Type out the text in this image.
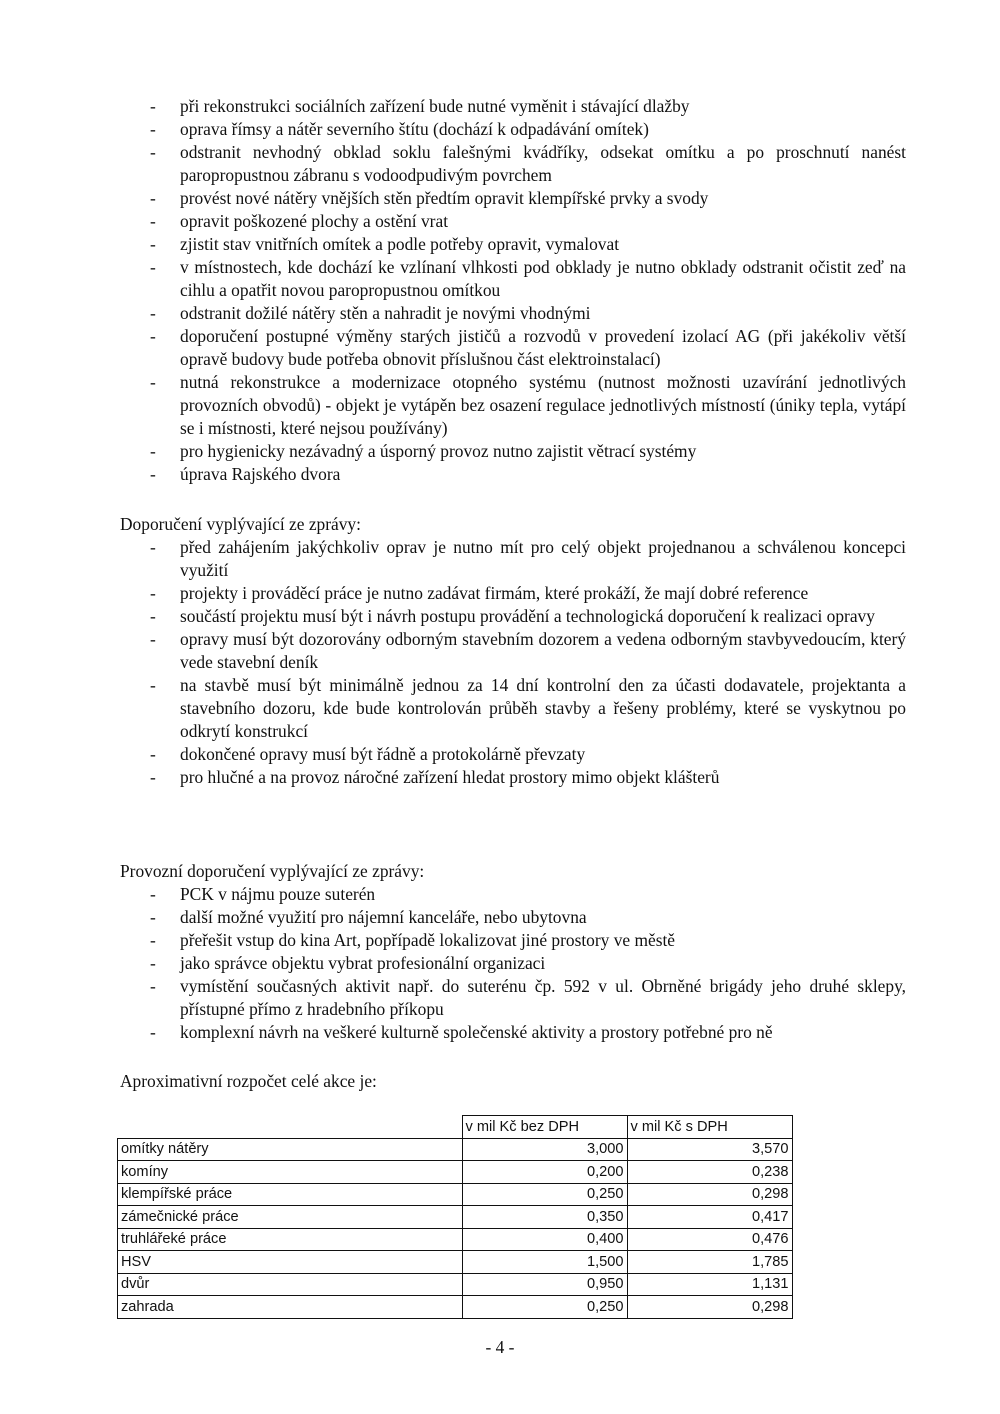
- při rekonstrukci sociálních zařízení bude nutné vyměnit i stávající dlažby
- oprava římsy a nátěr severního štítu (dochází k odpadávání omítek)
- odstranit nevhodný obklad soklu falešnými kvádříky, odsekat omítku a po proschnutí nanést paropropustnou zábranu s vodoodpudivým povrchem
- provést nové nátěry vnějších stěn předtím opravit klempířské prvky a svody
- opravit poškozené plochy a ostění vrat
- zjistit stav vnitřních omítek a podle potřeby opravit, vymalovat
- v místnostech, kde dochází ke vzlínaní vlhkosti pod obklady je nutno obklady odstranit očistit zeď na cihlu a opatřit novou paropropustnou omítkou
- odstranit dožilé nátěry stěn a nahradit je novými vhodnými
- doporučení postupné výměny starých jističů a rozvodů v provedení izolací AG (při jakékoliv větší opravě budovy bude potřeba obnovit příslušnou část elektroinstalací)
- nutná rekonstrukce a modernizace otopného systému (nutnost možnosti uzavírání jednotlivých provozních obvodů) - objekt je vytápěn bez osazení regulace jednotlivých místností (úniky tepla, vytápí se i místnosti, které nejsou používány)
- pro hygienicky nezávadný a úsporný provoz nutno zajistit větrací systémy
- úprava Rajského dvora
Doporučení vyplývající ze zprávy:
- před zahájením jakýchkoliv oprav je nutno mít pro celý objekt projednanou a schválenou koncepci využití
- projekty i prováděcí práce je nutno zadávat firmám, které prokáží, že mají dobré reference
- součástí projektu musí být i návrh postupu provádění a technologická doporučení k realizaci opravy
- opravy musí být dozorovány odborným stavebním dozorem a vedena odborným stavbyvedoucím, který vede stavební deník
- na stavbě musí být minimálně jednou za 14 dní kontrolní den za účasti dodavatele, projektanta a stavebního dozoru, kde bude kontrolován průběh stavby a řešeny problémy, které se vyskytnou po odkrytí konstrukcí
- dokončené opravy musí být řádně a protokolárně převzaty
- pro hlučné a na provoz náročné zařízení hledat prostory mimo objekt klášterů
Provozní doporučení vyplývající ze zprávy:
- PCK v nájmu pouze suterén
- další možné využití pro nájemní kanceláře, nebo ubytovna
- přeřešit vstup do kina Art, popřípadě lokalizovat jiné prostory ve městě
- jako správce objektu vybrat profesionální organizaci
- vymístění současných aktivit např. do suterénu čp. 592 v ul. Obrněné brigády jeho druhé sklepy, přístupné přímo z hradebního příkopu
- komplexní návrh na veškeré kulturně společenské aktivity a prostory potřebné pro ně
Aproximativní rozpočet celé akce je:
	v mil Kč bez DPH	v mil Kč s DPH
omítky nátěry	3,000	3,570
komíny	0,200	0,238
klempířské práce	0,250	0,298
zámečnické práce	0,350	0,417
truhlářeké práce	0,400	0,476
HSV	1,500	1,785
dvůr	0,950	1,131
zahrada	0,250	0,298
- 4 -
